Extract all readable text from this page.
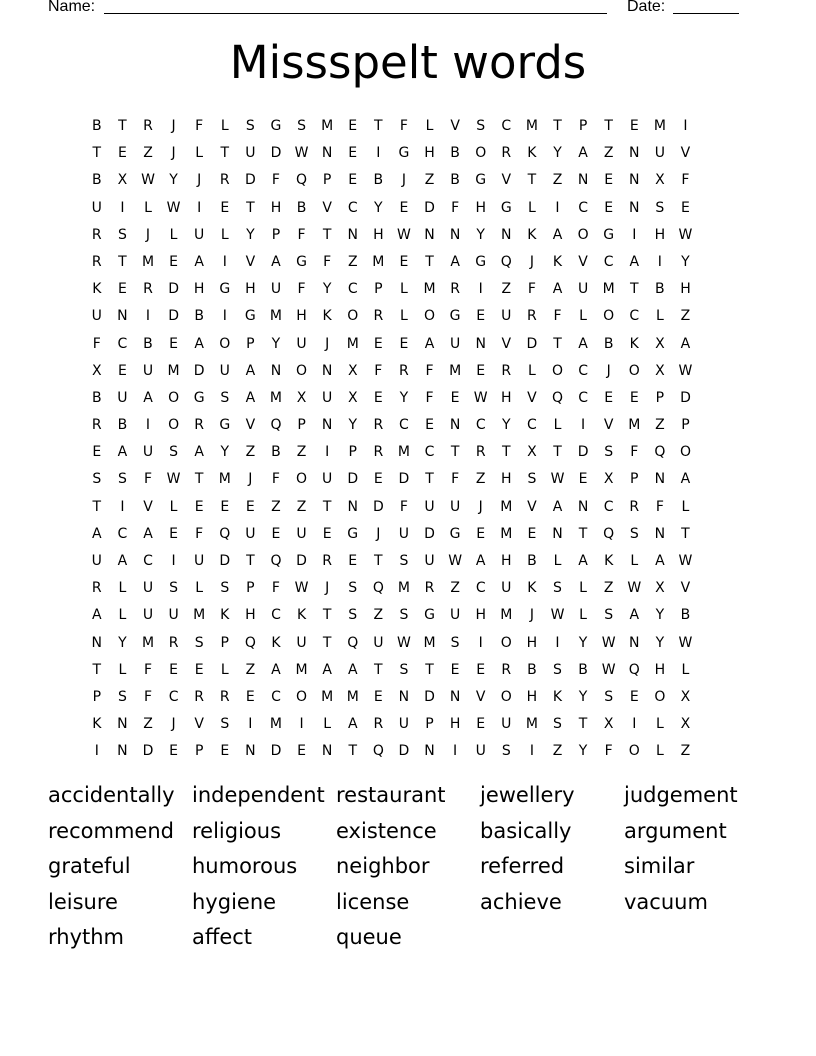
Name:	Date:
Missspelt words
B	T	R	J	F	L	S	G	S	M	E	T	F	L	V	S	C	M	T	P	T	E	M	I
T	E	Z	J	L	T	U	D W N	E	I	G	H	B	O	R	K	Y	A	Z	N	U	V
B	X W	Y	J	R	D	F	Q	P	E	B	J	Z	B	G	V	T	Z	N	E	N	X	F
U	I	L	W	I	E	T	H	B	V	C	Y	E	D	F	H	G	L	I	C	E	N	S	E
R	S	J	L	U	L	Y	P	F	T	N	H W N	N	Y	N	K	A	O	G	I	H W
R	T	M	E	A	I	V	A	G	F	Z	M	E	T	A	G	Q	J	K	V	C	A	I	Y
K	E	R	D	H	G	H	U	F	Y	C	P	L	M	R	I	Z	F	A	U	M	T	B	H
U	N	I	D	B	I	G	M	H	K	O	R	L	O	G	E	U	R	F	L	O	C	L	Z
F	C	B	E	A	O	P	Y	U	J	M	E	E	A	U	N	V	D	T	A	B	K	X	A
X	E	U	M	D	U	A	N	O	N	X	F	R	F	M	E	R	L	O	C	J	O	X W
B	U	A	O	G	S	A	M	X	U	X	E	Y	F	E	W H	V	Q	C	E	E	P	D
R	B	I	O	R	G	V	Q	P	N	Y	R	C	E	N	C	Y	C	L	I	V	M	Z	P
E	A	U	S	A	Y	Z	B	Z	I	P	R	M	C	T	R	T	X	T	D	S	F	Q	O
S	S	F	W	T	M	J	F	O	U	D	E	D	T	F	Z	H	S	W	E	X	P	N	A
T	I	V	L	E	E	E	Z	Z	T	N	D	F	U	U	J	M	V	A	N	C	R	F	L
A	C	A	E	F	Q	U	E	U	E	G	J	U	D	G	E	M	E	N	T	Q	S	N	T
U	A	C	I	U	D	T	Q	D	R	E	T	S	U W A	H	B	L	A	K	L	A W
R	L	U	S	L	S	P	F	W	J	S	Q	M	R	Z	C	U	K	S	L	Z W X	V
A	L	U	U	M	K	H	C	K	T	S	Z	S	G	U	H	M	J	W	L	S	A	Y	B
N	Y	M	R	S	P	Q	K	U	T	Q	U W M	S	I	O	H	I	Y	W N	Y	W
T	L	F	E	E	L	Z	A	M	A	A	T	S	T	E	E	R	B	S	B W Q	H	L
P	S	F	C	R	R	E	C	O	M M	E	N	D	N	V	O	H	K	Y	S	E	O	X
K	N	Z	J	V	S	I	M	I	L	A	R	U	P	H	E	U	M	S	T	X	I	L	X
I	N	D	E	P	E	N	D	E	N	T	Q	D	N	I	U	S	I	Z	Y	F	O	L	Z
accidentally independent restaurant	jewellery	judgement
recommend religious	existence	basically	argument
grateful	humorous	neighbor	referred	similar
leisure	hygiene	license	achieve	vacuum
rhythm	affect	queue
